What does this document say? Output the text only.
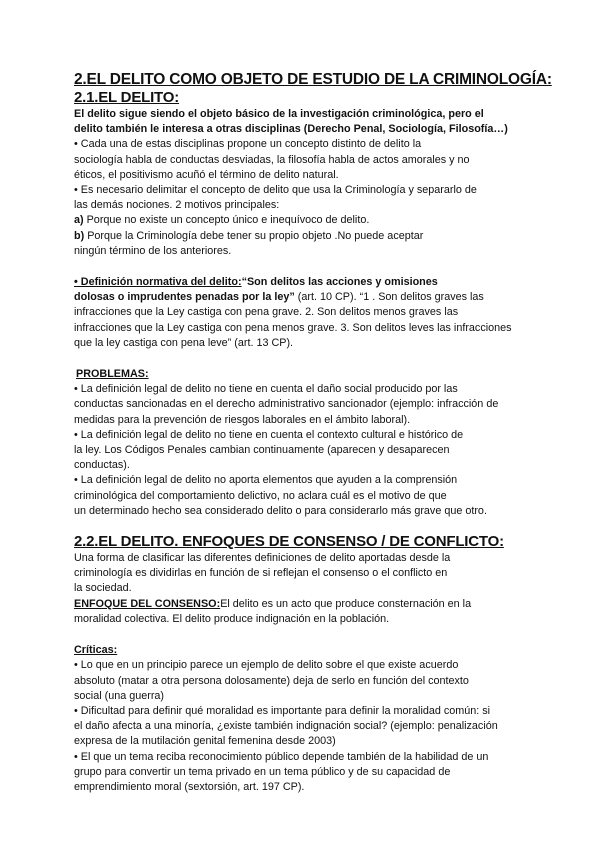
2.EL DELITO COMO OBJETO DE ESTUDIO DE LA CRIMINOLOGÍA:
2.1.EL DELITO:
El delito sigue siendo el objeto básico de la investigación criminológica, pero el
delito también le interesa a otras disciplinas (Derecho Penal, Sociología, Filosofía…)
• Cada una de estas disciplinas propone un concepto distinto de delito la
sociología habla de conductas desviadas, la filosofía habla de actos amorales y no
éticos, el positivismo acuñó el término de delito natural.
• Es necesario delimitar el concepto de delito que usa la Criminología y separarlo de
las demás nociones. 2 motivos principales:
a) Porque no existe un concepto único e inequívoco de delito.
b) Porque la Criminología debe tener su propio objeto .No puede aceptar
ningún término de los anteriores.
• Definición normativa del delito:“Son delitos las acciones y omisiones
dolosas o imprudentes penadas por la ley” (art. 10 CP). “1 . Son delitos graves las
infracciones que la Ley castiga con pena grave. 2. Son delitos menos graves las
infracciones que la Ley castiga con pena menos grave. 3. Son delitos leves las infracciones
que la ley castiga con pena leve” (art. 13 CP).
PROBLEMAS:
• La definición legal de delito no tiene en cuenta el daño social producido por las
conductas sancionadas en el derecho administrativo sancionador (ejemplo: infracción de
medidas para la prevención de riesgos laborales en el ámbito laboral).
• La definición legal de delito no tiene en cuenta el contexto cultural e histórico de
la ley. Los Códigos Penales cambian continuamente (aparecen y desaparecen
conductas).
• La definición legal de delito no aporta elementos que ayuden a la comprensión
criminológica del comportamiento delictivo, no aclara cuál es el motivo de que
un determinado hecho sea considerado delito o para considerarlo más grave que otro.
2.2.EL DELITO. ENFOQUES DE CONSENSO / DE CONFLICTO:
Una forma de clasificar las diferentes definiciones de delito aportadas desde la
criminología es dividirlas en función de si reflejan el consenso o el conflicto en
la sociedad.
ENFOQUE DEL CONSENSO:El delito es un acto que produce consternación en la
moralidad colectiva. El delito produce indignación en la población.
Críticas:
• Lo que en un principio parece un ejemplo de delito sobre el que existe acuerdo
absoluto (matar a otra persona dolosamente) deja de serlo en función del contexto
social (una guerra)
• Dificultad para definir qué moralidad es importante para definir la moralidad común: si
el daño afecta a una minoría, ¿existe también indignación social? (ejemplo: penalización
expresa de la mutilación genital femenina desde 2003)
• El que un tema reciba reconocimiento público depende también de la habilidad de un
grupo para convertir un tema privado en un tema público y de su capacidad de
emprendimiento moral (sextorsión, art. 197 CP).
